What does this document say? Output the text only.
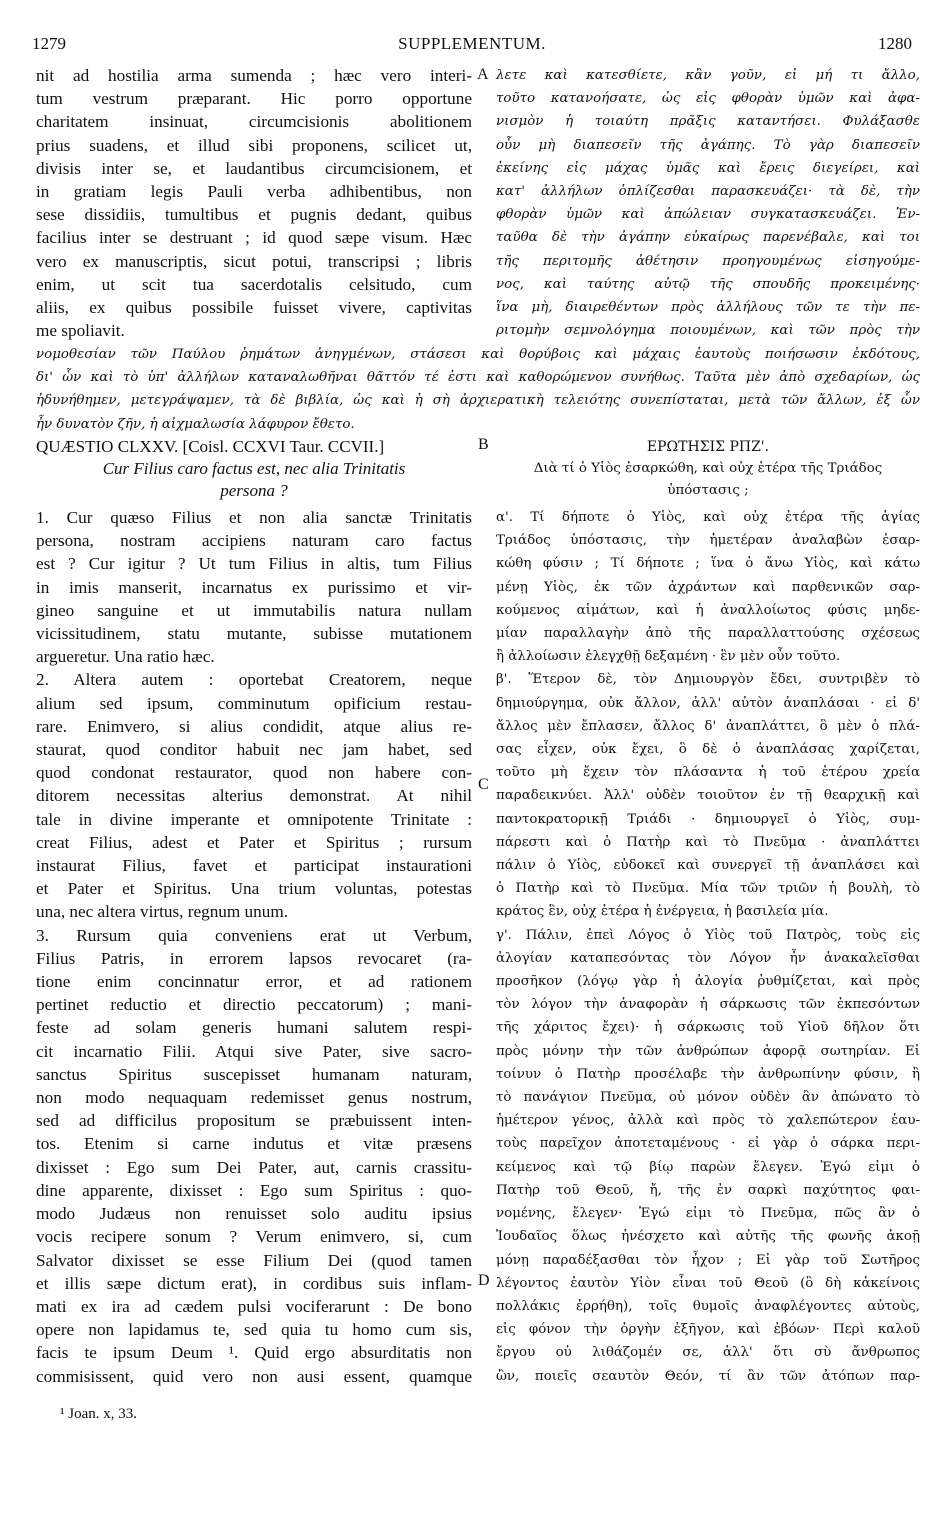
1279	SUPPLEMENTUM.	1280

nit ad hostilia arma sumenda ; hæc vero interi-

tum vestrum præparant. Hic porro opportune

charitatem insinuat, circumcisionis abolitionem

prius suadens, et illud sibi proponens, scilicet ut,

divisis inter se, et laudantibus circumcisionem, et

in gratiam legis Pauli verba adhibentibus, non

sese dissidiis, tumultibus et pugnis dedant, quibus

facilius inter se destruant ; id quod sæpe visum. Hæc

vero ex manuscriptis, sicut potui, transcripsi ; libris

enim, ut scit tua sacerdotalis celsitudo, cum

aliis, ex quibus possibile fuisset vivere, captivitas

me spoliavit.

λετε καὶ κατεσθίετε, κἂν γοῦν, εἰ μή τι ἄλλο,

τοῦτο κατανοήσατε, ὡς εἰς φθορὰν ὑμῶν καὶ ἀφα-

νισμὸν ἡ τοιαύτη πρᾶξις καταντήσει. Φυλάξασθε

οὖν μὴ διαπεσεῖν τῆς ἀγάπης. Τὸ γὰρ διαπεσεῖν

ἐκείνης εἰς μάχας ὑμᾶς καὶ ἔρεις διεγείρει, καὶ

κατ' ἀλλήλων ὁπλίζεσθαι παρασκευάζει· τὰ δὲ, τὴν

φθορὰν ὑμῶν καὶ ἀπώλειαν συγκατασκευάζει. Ἐν-

ταῦθα δὲ τὴν ἀγάπην εὐκαίρως παρενέβαλε, καὶ τοι

τῆς περιτομῆς ἀθέτησιν προηγουμένως εἰσηγούμε-

νος, καὶ ταύτης αὐτῷ τῆς σπουδῆς προκειμένης·

ἵνα μὴ, διαιρεθέντων πρὸς ἀλλήλους τῶν τε τὴν πε-

ριτομὴν σεμνολόγημα ποιουμένων, καὶ τῶν πρὸς τὴν

A

νομοθεσίαν τῶν Παύλου ῥημάτων ἀνηγμένων, στάσεσι καὶ θορύβοις καὶ μάχαις ἑαυτοὺς ποιήσωσιν ἐκδότους,

δι' ὧν καὶ τὸ ὑπ' ἀλλήλων καταναλωθῆναι θᾶττόν τέ ἐστι καὶ καθορώμενον συνήθως. Ταῦτα μὲν ἀπὸ σχεδαρίων, ὡς

ἠδυνήθημεν, μετεγράψαμεν, τὰ δὲ βιβλία, ὡς καὶ ἡ σὴ ἀρχιερατικὴ τελειότης συνεπίσταται, μετὰ τῶν ἄλλων, ἐξ ὧν

ἦν δυνατὸν ζῆν, ἡ αἰχμαλωσία λάφυρον ἔθετο.

QUÆSTIO CLXXV. [Coisl. CCXVI Taur. CCVII.]

Cur Filius caro factus est, nec alia Trinitatis

persona ?

B	ΕΡΩΤΗΣΙΣ ΡΠΖ'.

Διὰ τί ὁ Υἱὸς ἐσαρκώθη, καὶ οὐχ ἑτέρα τῆς Τριάδος

ὑπόστασις ;

1. Cur quæso Filius et non alia sanctæ Trinitatis

persona, nostram accipiens naturam caro factus

est ? Cur igitur ? Ut tum Filius in altis, tum Filius

in imis manserit, incarnatus ex purissimo et vir-

gineo sanguine et ut immutabilis natura nullam

vicissitudinem, statu mutante, subisse mutationem

argueretur. Una ratio hæc.

2. Altera autem : oportebat Creatorem, neque

alium sed ipsum, comminutum opificium restau-

rare. Enimvero, si alius condidit, atque alius re-

staurat, quod conditor habuit nec jam habet, sed

quod condonat restaurator, quod non habere con-

ditorem necessitas alterius demonstrat. At nihil

tale in divine imperante et omnipotente Trinitate :

creat Filius, adest et Pater et Spiritus ; rursum

instaurat Filius, favet et participat instaurationi

et Pater et Spiritus. Una trium voluntas, potestas

una, nec altera virtus, regnum unum.

3. Rursum quia conveniens erat ut Verbum,

Filius Patris, in errorem lapsos revocaret (ra-

tione enim concinnatur error, et ad rationem

pertinet reductio et directio peccatorum) ; mani-

feste ad solam generis humani salutem respi-

cit incarnatio Filii. Atqui sive Pater, sive sacro-

sanctus Spiritus suscepisset humanam naturam,

non modo nequaquam redemisset genus nostrum,

sed ad difficilus propositum se præbuissent inten-

tos. Etenim si carne indutus et vitæ præsens

dixisset : Ego sum Dei Pater, aut, carnis crassitu-

dine apparente, dixisset : Ego sum Spiritus : quo-

modo Judæus non renuisset solo auditu ipsius

vocis recipere sonum ? Verum enimvero, si, cum

Salvator dixisset se esse Filium Dei (quod tamen

et illis sæpe dictum erat), in cordibus suis inflam-

mati ex ira ad cædem pulsi vociferarunt : De bono

opere non lapidamus te, sed quia tu homo cum sis,

facis te ipsum Deum ¹. Quid ergo absurditatis non

commisissent, quid vero non ausi essent, quamque

α'. Τί δήποτε ὁ Υἱὸς, καὶ οὐχ ἑτέρα τῆς ἁγίας

Τριάδος ὑπόστασις, τὴν ἡμετέραν ἀναλαβὼν ἐσαρ-

κώθη φύσιν ; Τί δήποτε ; ἵνα ὁ ἄνω Υἱὸς, καὶ κάτω

μένῃ Υἱὸς, ἐκ τῶν ἀχράντων καὶ παρθενικῶν σαρ-

κούμενος αἱμάτων, καὶ ἡ ἀναλλοίωτος φύσις μηδε-

μίαν παραλλαγὴν ἀπὸ τῆς παραλλαττούσης σχέσεως

ἢ ἀλλοίωσιν ἐλεγχθῇ δεξαμένη · ἓν μὲν οὖν τοῦτο.

β'. Ἕτερον δὲ, τὸν Δημιουργὸν ἔδει, συντριβὲν τὸ

δημιούργημα, οὐκ ἄλλον, ἀλλ' αὐτὸν ἀναπλάσαι · εἰ δ'

ἄλλος μὲν ἔπλασεν, ἄλλος δ' ἀναπλάττει, ὃ μὲν ὁ πλά-

σας εἶχεν, οὐκ ἔχει, ὃ δὲ ὁ ἀναπλάσας χαρίζεται,

τοῦτο μὴ ἔχειν τὸν πλάσαντα ἡ τοῦ ἑτέρου χρεία

παραδεικνύει. Ἀλλ' οὐδὲν τοιοῦτον ἐν τῇ θεαρχικῇ καὶ

παντοκρατορικῇ Τριάδι · δημιουργεῖ ὁ Υἱὸς, συμ-

πάρεστι καὶ ὁ Πατὴρ καὶ τὸ Πνεῦμα · ἀναπλάττει

πάλιν ὁ Υἱὸς, εὐδοκεῖ καὶ συνεργεῖ τῇ ἀναπλάσει καὶ

ὁ Πατὴρ καὶ τὸ Πνεῦμα. Μία τῶν τριῶν ἡ βουλὴ, τὸ

κράτος ἓν, οὐχ ἑτέρα ἡ ἐνέργεια, ἡ βασιλεία μία.

γ'. Πάλιν, ἐπεὶ Λόγος ὁ Υἱὸς τοῦ Πατρὸς, τοὺς εἰς

ἀλογίαν καταπεσόντας τὸν Λόγον ἦν ἀνακαλεῖσθαι

προσῆκον (λόγῳ γὰρ ἡ ἀλογία ῥυθμίζεται, καὶ πρὸς

τὸν λόγον τὴν ἀναφορὰν ἡ σάρκωσις τῶν ἐκπεσόντων

τῆς χάριτος ἔχει)· ἡ σάρκωσις τοῦ Υἱοῦ δῆλον ὅτι

πρὸς μόνην τὴν τῶν ἀνθρώπων ἀφορᾷ σωτηρίαν. Εἰ

τοίνυν ὁ Πατὴρ προσέλαβε τὴν ἀνθρωπίνην φύσιν, ἢ

τὸ πανάγιον Πνεῦμα, οὐ μόνον οὐδὲν ἂν ἀπώνατο τὸ

ἡμέτερον γένος, ἀλλὰ καὶ πρὸς τὸ χαλεπώτερον ἑαυ-

τοὺς παρεῖχον ἀποτεταμένους · εἰ γὰρ ὁ σάρκα περι-

κείμενος καὶ τῷ βίῳ παρὼν ἔλεγεν. Ἐγώ εἰμι ὁ

Πατὴρ τοῦ Θεοῦ, ἤ, τῆς ἐν σαρκὶ παχύτητος φαι-

νομένης, ἔλεγεν· Ἐγώ εἰμι τὸ Πνεῦμα, πῶς ἂν ὁ

Ἰουδαῖος ὅλως ἠνέσχετο καὶ αὐτῆς τῆς φωνῆς ἀκοῇ

μόνῃ παραδέξασθαι τὸν ἦχον ; Εἰ γὰρ τοῦ Σωτῆρος

λέγοντος ἑαυτὸν Υἱὸν εἶναι τοῦ Θεοῦ (ὃ δὴ κἀκείνοις

πολλάκις ἐρρήθη), τοῖς θυμοῖς ἀναφλέγοντες αὐτοὺς,

εἰς φόνον τὴν ὀργὴν ἐξῆγον, καὶ ἐβόων· Περὶ καλοῦ

ἔργου οὐ λιθάζομέν σε, ἀλλ' ὅτι σὺ ἄνθρωπος

ὢν, ποιεῖς σεαυτὸν Θεόν, τί ἂν τῶν ἀτόπων παρ-

C
D
¹ Joan. x, 33.
